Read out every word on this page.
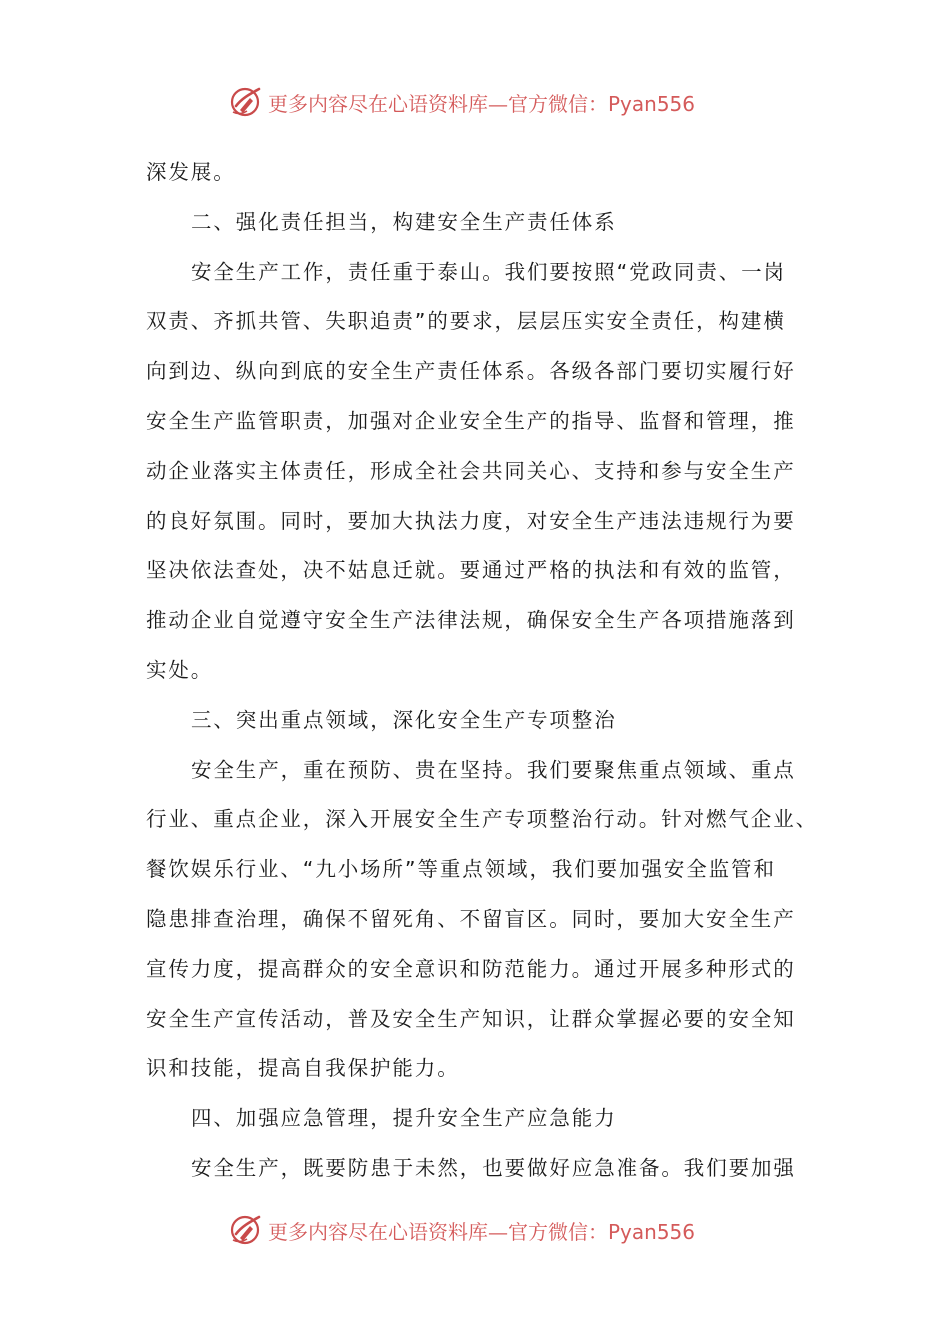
更多内容尽在心语资料库—官方微信：Pyan556
深发展。
二、强化责任担当，构建安全生产责任体系
安全生产工作，责任重于泰山。我们要按照“党政同责、一岗
双责、齐抓共管、失职追责”的要求，层层压实安全责任，构建横
向到边、纵向到底的安全生产责任体系。各级各部门要切实履行好
安全生产监管职责，加强对企业安全生产的指导、监督和管理，推
动企业落实主体责任，形成全社会共同关心、支持和参与安全生产
的良好氛围。同时，要加大执法力度，对安全生产违法违规行为要
坚决依法查处，决不姑息迁就。要通过严格的执法和有效的监管，
推动企业自觉遵守安全生产法律法规，确保安全生产各项措施落到
实处。
三、突出重点领域，深化安全生产专项整治
安全生产，重在预防、贵在坚持。我们要聚焦重点领域、重点
行业、重点企业，深入开展安全生产专项整治行动。针对燃气企业、
餐饮娱乐行业、“九小场所”等重点领域，我们要加强安全监管和
隐患排查治理，确保不留死角、不留盲区。同时，要加大安全生产
宣传力度，提高群众的安全意识和防范能力。通过开展多种形式的
安全生产宣传活动，普及安全生产知识，让群众掌握必要的安全知
识和技能，提高自我保护能力。
四、加强应急管理，提升安全生产应急能力
安全生产，既要防患于未然，也要做好应急准备。我们要加强
更多内容尽在心语资料库—官方微信：Pyan556
